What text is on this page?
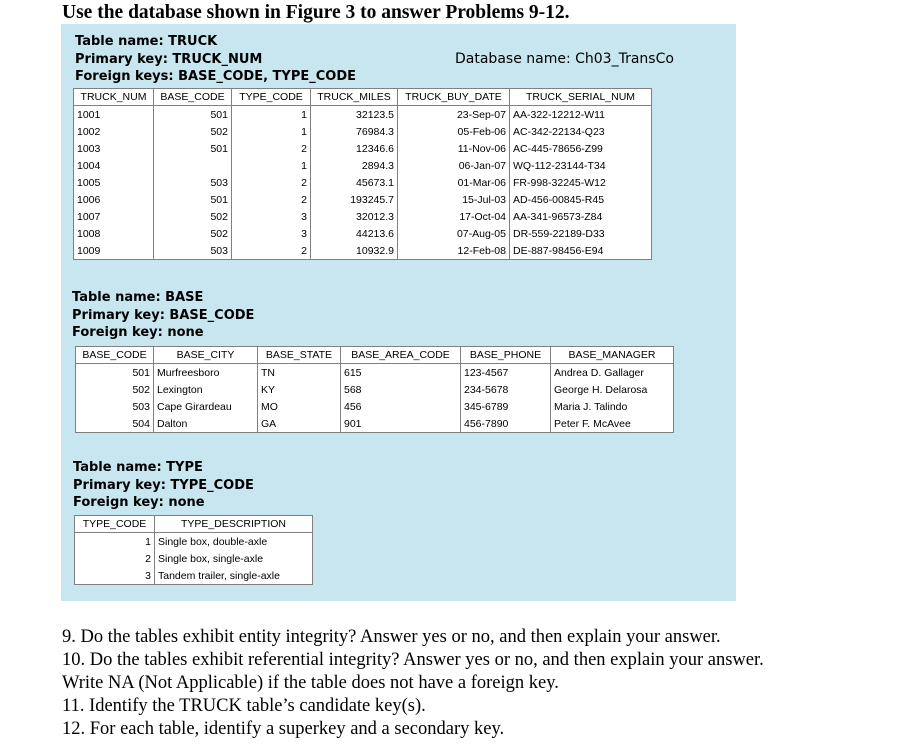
Use the database shown in Figure 3 to answer Problems 9-12.
Table name: TRUCK
Primary key: TRUCK_NUM
Foreign keys: BASE_CODE, TYPE_CODE
Database name: Ch03_TransCo
TRUCK_NUM	BASE_CODE	TYPE_CODE	TRUCK_MILES	TRUCK_BUY_DATE	TRUCK_SERIAL_NUM
1001	501	1	32123.5	23-Sep-07	AA-322-12212-W11
1002	502	1	76984.3	05-Feb-06	AC-342-22134-Q23
1003	501	2	12346.6	11-Nov-06	AC-445-78656-Z99
1004		1	2894.3	06-Jan-07	WQ-112-23144-T34
1005	503	2	45673.1	01-Mar-06	FR-998-32245-W12
1006	501	2	193245.7	15-Jul-03	AD-456-00845-R45
1007	502	3	32012.3	17-Oct-04	AA-341-96573-Z84
1008	502	3	44213.6	07-Aug-05	DR-559-22189-D33
1009	503	2	10932.9	12-Feb-08	DE-887-98456-E94
Table name: BASE
Primary key: BASE_CODE
Foreign key: none
BASE_CODE	BASE_CITY	BASE_STATE	BASE_AREA_CODE	BASE_PHONE	BASE_MANAGER
501	Murfreesboro	TN	615	123-4567	Andrea D. Gallager
502	Lexington	KY	568	234-5678	George H. Delarosa
503	Cape Girardeau	MO	456	345-6789	Maria J. Talindo
504	Dalton	GA	901	456-7890	Peter F. McAvee
Table name: TYPE
Primary key: TYPE_CODE
Foreign key: none
TYPE_CODE	TYPE_DESCRIPTION
1	Single box, double-axle
2	Single box, single-axle
3	Tandem trailer, single-axle
9. Do the tables exhibit entity integrity? Answer yes or no, and then explain your answer.
10. Do the tables exhibit referential integrity? Answer yes or no, and then explain your answer.
Write NA (Not Applicable) if the table does not have a foreign key.
11. Identify the TRUCK table’s candidate key(s).
12. For each table, identify a superkey and a secondary key.
